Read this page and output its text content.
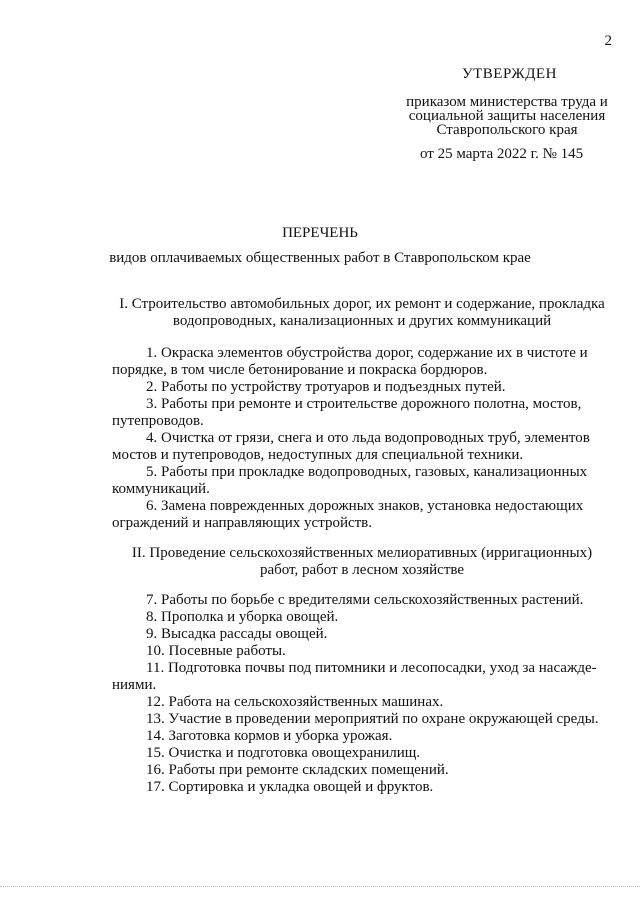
2
УТВЕРЖДЕН
приказом министерства труда и
социальной защиты населения
Ставропольского края
от 25 марта 2022 г. № 145
ПЕРЕЧЕНЬ
видов оплачиваемых общественных работ в Ставропольском крае
I. Строительство автомобильных дорог, их ремонт и содержание, прокладка
водопроводных, канализационных и других коммуникаций
1. Окраска элементов обустройства дорог, содержание их в чистоте и
порядке, в том числе бетонирование и покраска бордюров.
2. Работы по устройству тротуаров и подъездных путей.
3. Работы при ремонте и строительстве дорожного полотна, мостов,
путепроводов.
4. Очистка от грязи, снега и ото льда водопроводных труб, элементов
мостов и путепроводов, недоступных для специальной техники.
5. Работы при прокладке водопроводных, газовых, канализационных
коммуникаций.
6. Замена поврежденных дорожных знаков, установка недостающих
ограждений и направляющих устройств.
II. Проведение сельскохозяйственных мелиоративных (ирригационных)
работ, работ в лесном хозяйстве
7. Работы по борьбе с вредителями сельскохозяйственных растений.
8. Прополка и уборка овощей.
9. Высадка рассады овощей.
10. Посевные работы.
11. Подготовка почвы под питомники и лесопосадки, уход за насажде-
ниями.
12. Работа на сельскохозяйственных машинах.
13. Участие в проведении мероприятий по охране окружающей среды.
14. Заготовка кормов и уборка урожая.
15. Очистка и подготовка овощехранилищ.
16. Работы при ремонте складских помещений.
17. Сортировка и укладка овощей и фруктов.
